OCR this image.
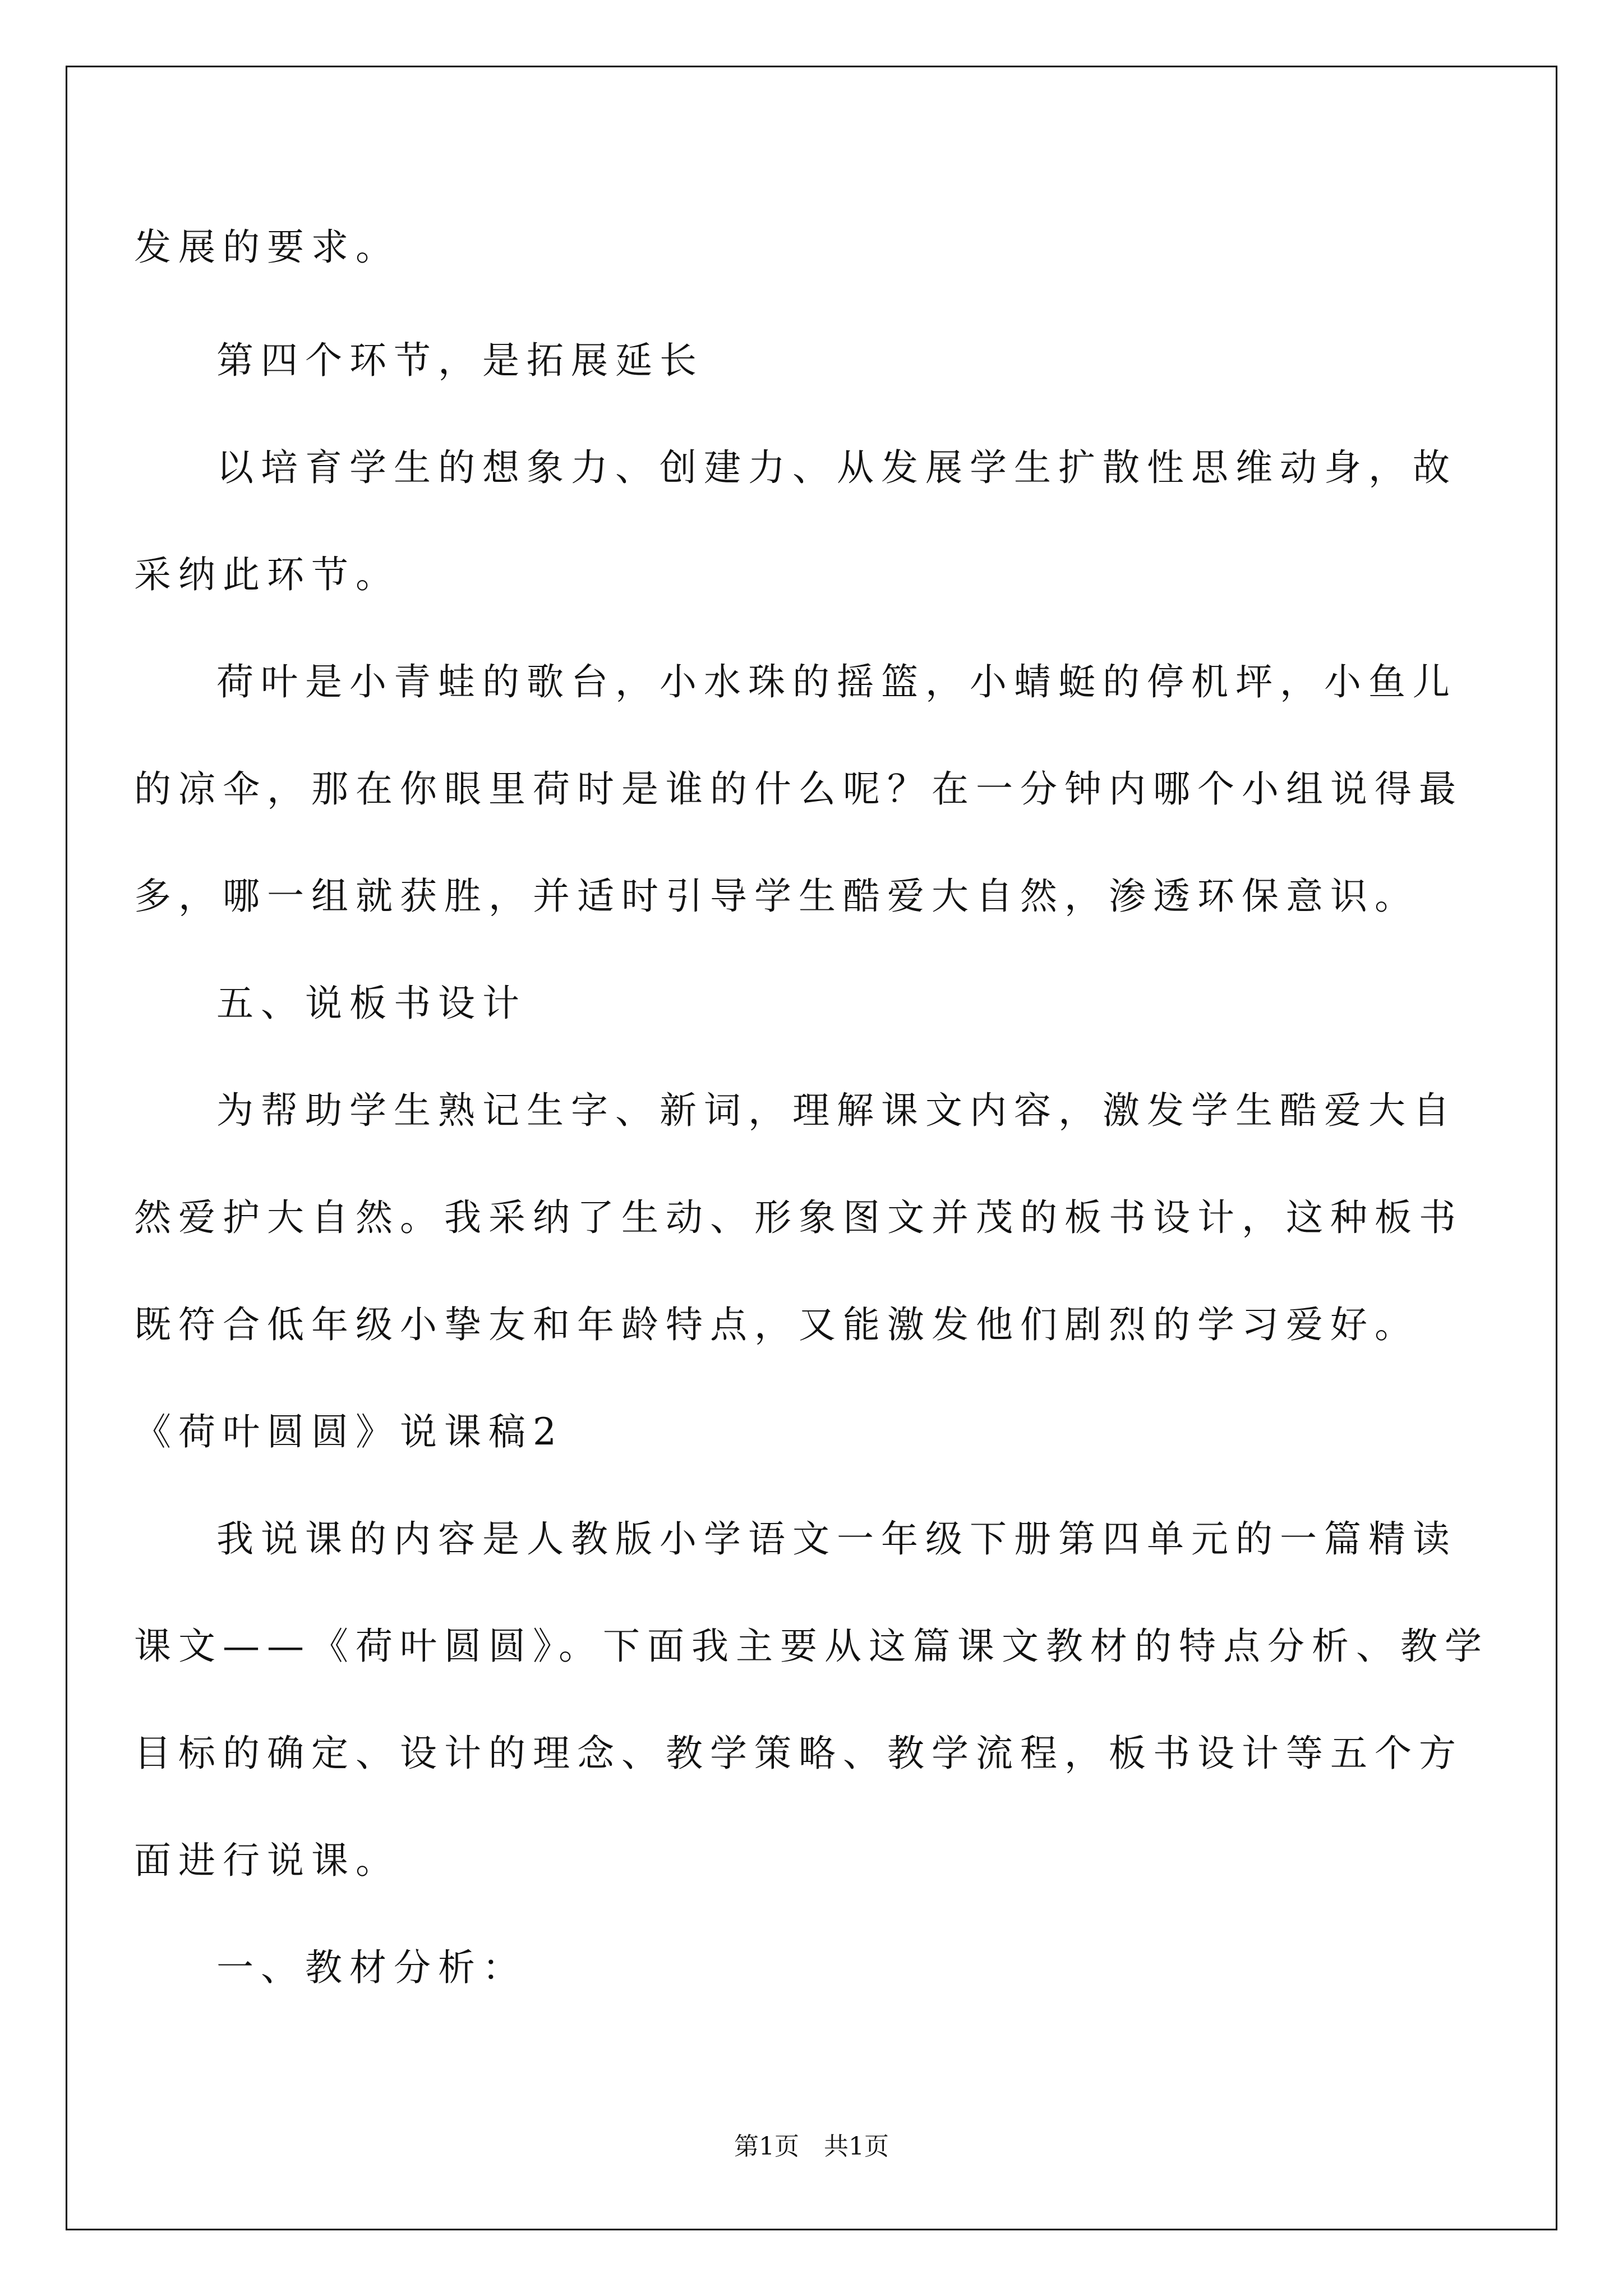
发展的要求。
第四个环节，是拓展延长
以培育学生的想象力、创建力、从发展学生扩散性思维动身，故
采纳此环节。
荷叶是小青蛙的歌台，小水珠的摇篮，小蜻蜓的停机坪，小鱼儿
的凉伞，那在你眼里荷时是谁的什么呢？在一分钟内哪个小组说得最
多，哪一组就获胜，并适时引导学生酷爱大自然，渗透环保意识。
五、说板书设计
为帮助学生熟记生字、新词，理解课文内容，激发学生酷爱大自
然爱护大自然。我采纳了生动、形象图文并茂的板书设计，这种板书
既符合低年级小挚友和年龄特点，又能激发他们剧烈的学习爱好。
《荷叶圆圆》说课稿2
我说课的内容是人教版小学语文一年级下册第四单元的一篇精读
课文——《荷叶圆圆》。下面我主要从这篇课文教材的特点分析、教学
目标的确定、设计的理念、教学策略、教学流程，板书设计等五个方
面进行说课。
一、教材分析：
第1页　共1页
